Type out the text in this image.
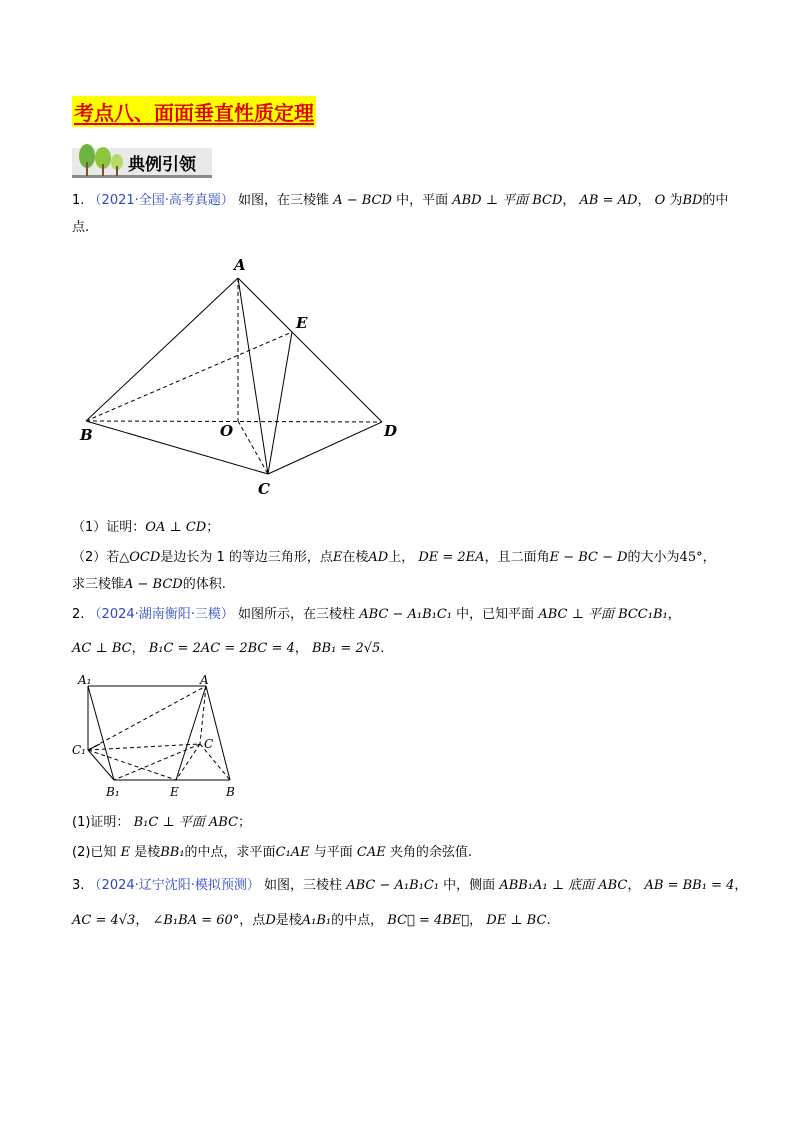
考点八、面面垂直性质定理
典例引领
1. （2021·全国·高考真题） 如图，在三棱锥 A − BCD 中，平面 ABD ⊥ 平面 BCD， AB = AD， O 为BD的中
点.
A
E
B	O	D
C
（1）证明：OA ⊥ CD；
（2）若△OCD是边长为 1 的等边三角形，点E在棱AD上， DE = 2EA，且二面角E − BC − D的大小为45°，
求三棱锥A − BCD的体积.
2. （2024·湖南衡阳·三模） 如图所示，在三棱柱 ABC − A₁B₁C₁ 中，已知平面 ABC ⊥ 平面 BCC₁B₁，
AC ⊥ BC， B₁C = 2AC = 2BC = 4， BB₁ = 2√5.
A₁	A
C₁	C
B₁	E	B
(1)证明： B₁C ⊥ 平面 ABC；
(2)已知 E 是棱BB₁的中点，求平面C₁AE 与平面 CAE 夹角的余弦值.
3. （2024·辽宁沈阳·模拟预测） 如图，三棱柱 ABC − A₁B₁C₁ 中，侧面 ABB₁A₁ ⊥ 底面 ABC， AB = BB₁ = 4，
AC = 4√3， ∠B₁BA = 60°，点D是棱A₁B₁的中点， BC⃗ = 4BE⃗， DE ⊥ BC.
